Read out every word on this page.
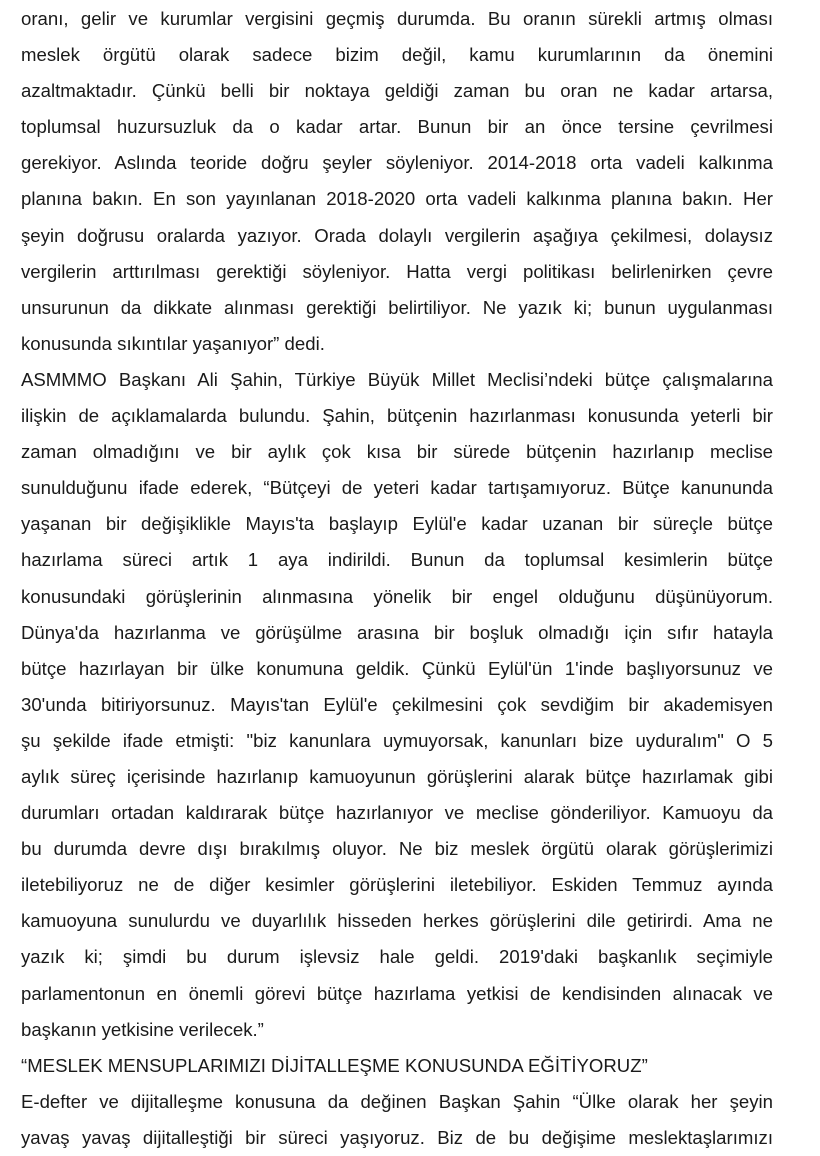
oranı, gelir ve kurumlar vergisini geçmiş durumda. Bu oranın sürekli artmış olması
meslek örgütü olarak sadece bizim değil, kamu kurumlarının da önemini
azaltmaktadır. Çünkü belli bir noktaya geldiği zaman bu oran ne kadar artarsa,
toplumsal huzursuzluk da o kadar artar. Bunun bir an önce tersine çevrilmesi
gerekiyor. Aslında teoride doğru şeyler söyleniyor. 2014-2018 orta vadeli kalkınma
planına bakın. En son yayınlanan 2018-2020 orta vadeli kalkınma planına bakın. Her
şeyin doğrusu oralarda yazıyor. Orada dolaylı vergilerin aşağıya çekilmesi, dolaysız
vergilerin arttırılması gerektiği söyleniyor. Hatta vergi politikası belirlenirken çevre
unsurunun da dikkate alınması gerektiği belirtiliyor. Ne yazık ki; bunun uygulanması
konusunda sıkıntılar yaşanıyor” dedi.
ASMMMO Başkanı Ali Şahin, Türkiye Büyük Millet Meclisi’ndeki bütçe çalışmalarına
ilişkin de açıklamalarda bulundu. Şahin, bütçenin hazırlanması konusunda yeterli bir
zaman olmadığını ve bir aylık çok kısa bir sürede bütçenin hazırlanıp meclise
sunulduğunu ifade ederek, “Bütçeyi de yeteri kadar tartışamıyoruz. Bütçe kanununda
yaşanan bir değişiklikle Mayıs'ta başlayıp Eylül'e kadar uzanan bir süreçle bütçe
hazırlama süreci artık 1 aya indirildi. Bunun da toplumsal kesimlerin bütçe
konusundaki görüşlerinin alınmasına yönelik bir engel olduğunu düşünüyorum.
Dünya'da hazırlanma ve görüşülme arasına bir boşluk olmadığı için sıfır hatayla
bütçe hazırlayan bir ülke konumuna geldik. Çünkü Eylül'ün 1'inde başlıyorsunuz ve
30'unda bitiriyorsunuz. Mayıs'tan Eylül'e çekilmesini çok sevdiğim bir akademisyen
şu şekilde ifade etmişti: "biz kanunlara uymuyorsak, kanunları bize uyduralım" O 5
aylık süreç içerisinde hazırlanıp kamuoyunun görüşlerini alarak bütçe hazırlamak gibi
durumları ortadan kaldırarak bütçe hazırlanıyor ve meclise gönderiliyor. Kamuoyu da
bu durumda devre dışı bırakılmış oluyor. Ne biz meslek örgütü olarak görüşlerimizi
iletebiliyoruz ne de diğer kesimler görüşlerini iletebiliyor. Eskiden Temmuz ayında
kamuoyuna sunulurdu ve duyarlılık hisseden herkes görüşlerini dile getirirdi. Ama ne
yazık ki; şimdi bu durum işlevsiz hale geldi. 2019'daki başkanlık seçimiyle
parlamentonun en önemli görevi bütçe hazırlama yetkisi de kendisinden alınacak ve
başkanın yetkisine verilecek.”

“MESLEK MENSUPLARIMIZI DİJİTALLEŞME KONUSUNDA EĞİTİYORUZ”

E-defter ve dijitalleşme konusuna da değinen Başkan Şahin “Ülke olarak her şeyin
yavaş yavaş dijitalleştiği bir süreci yaşıyoruz. Biz de bu değişime meslektaşlarımızı
